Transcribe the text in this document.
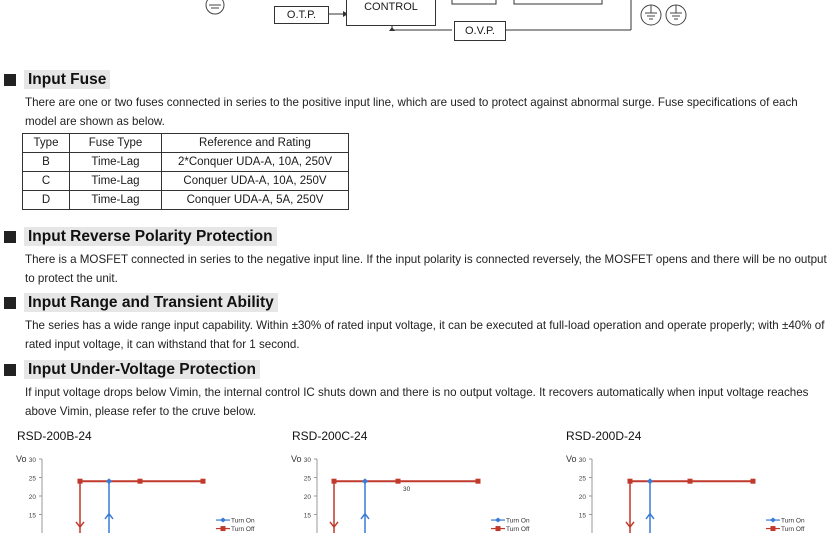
O.T.P.
CONTROL
O.V.P.
Input Fuse
There are one or two fuses connected in series to the positive input line, which are used to protect against abnormal surge. Fuse specifications of each model are shown as below.
Type	Fuse Type	Reference and Rating
B	Time-Lag	2*Conquer UDA-A, 10A, 250V
C	Time-Lag	Conquer UDA-A, 10A, 250V
D	Time-Lag	Conquer UDA-A, 5A, 250V
Input Reverse Polarity Protection
There is a MOSFET connected in series to the negative input line. If the input polarity is connected reversely, the MOSFET opens and there will be no output to protect the unit.
Input Range and Transient Ability
The series has a wide range input capability. Within ±30% of rated input voltage, it can be executed at full-load operation and operate properly; with ±40% of rated input voltage, it can withstand that for 1 second.
Input Under-Voltage Protection
If input voltage drops below Vimin, the internal control IC shuts down and there is no output voltage. It recovers automatically when input voltage reaches above Vimin, please refer to the cruve below.
RSD-200B-24	RSD-200C-24	RSD-200D-24
Vo 30
25
20
15
Turn On
Turn Off
Vo 30
25
20
15
30
Turn On
Turn Off
Vo 30
25
20
15
Turn On
Turn Off
